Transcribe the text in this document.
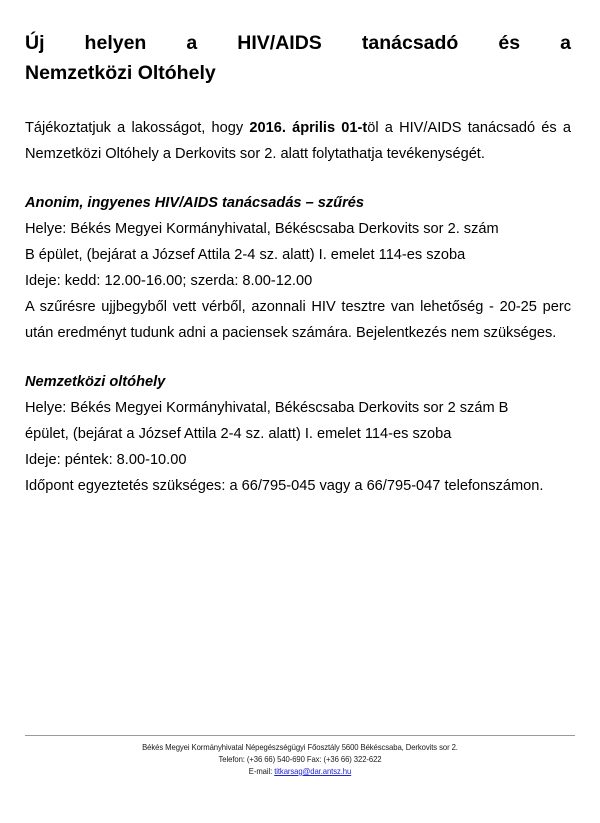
Új helyen a HIV/AIDS tanácsadó és a
Nemzetközi Oltóhely

Tájékoztatjuk a lakosságot, hogy 2016. április 01-töl a HIV/AIDS tanácsadó és a Nemzetközi Oltóhely a Derkovits sor 2. alatt folytathatja tevékenységét.

Anonim, ingyenes HIV/AIDS tanácsadás – szűrés
Helye: Békés Megyei Kormányhivatal, Békéscsaba Derkovits sor 2. szám
B épület, (bejárat a József Attila 2-4 sz. alatt) I. emelet 114-es szoba
Ideje: kedd: 12.00-16.00; szerda: 8.00-12.00
A szűrésre ujjbegyből vett vérből, azonnali HIV tesztre van lehetőség - 20-25 perc után eredményt tudunk adni a paciensek számára. Bejelentkezés nem szükséges.
Nemzetközi oltóhely
Helye: Békés Megyei Kormányhivatal, Békéscsaba Derkovits sor 2 szám B
épület, (bejárat a József Attila 2-4 sz. alatt) I. emelet 114-es szoba
Ideje: péntek: 8.00-10.00
Időpont egyeztetés szükséges: a 66/795-045 vagy a 66/795-047 telefonszámon.
Békés Megyei Kormányhivatal Népegészségügyi Főosztály 5600 Békéscsaba, Derkovits sor 2.
Telefon: (+36 66) 540-690 Fax: (+36 66) 322-622
E-mail: titkarsag@dar.antsz.hu
